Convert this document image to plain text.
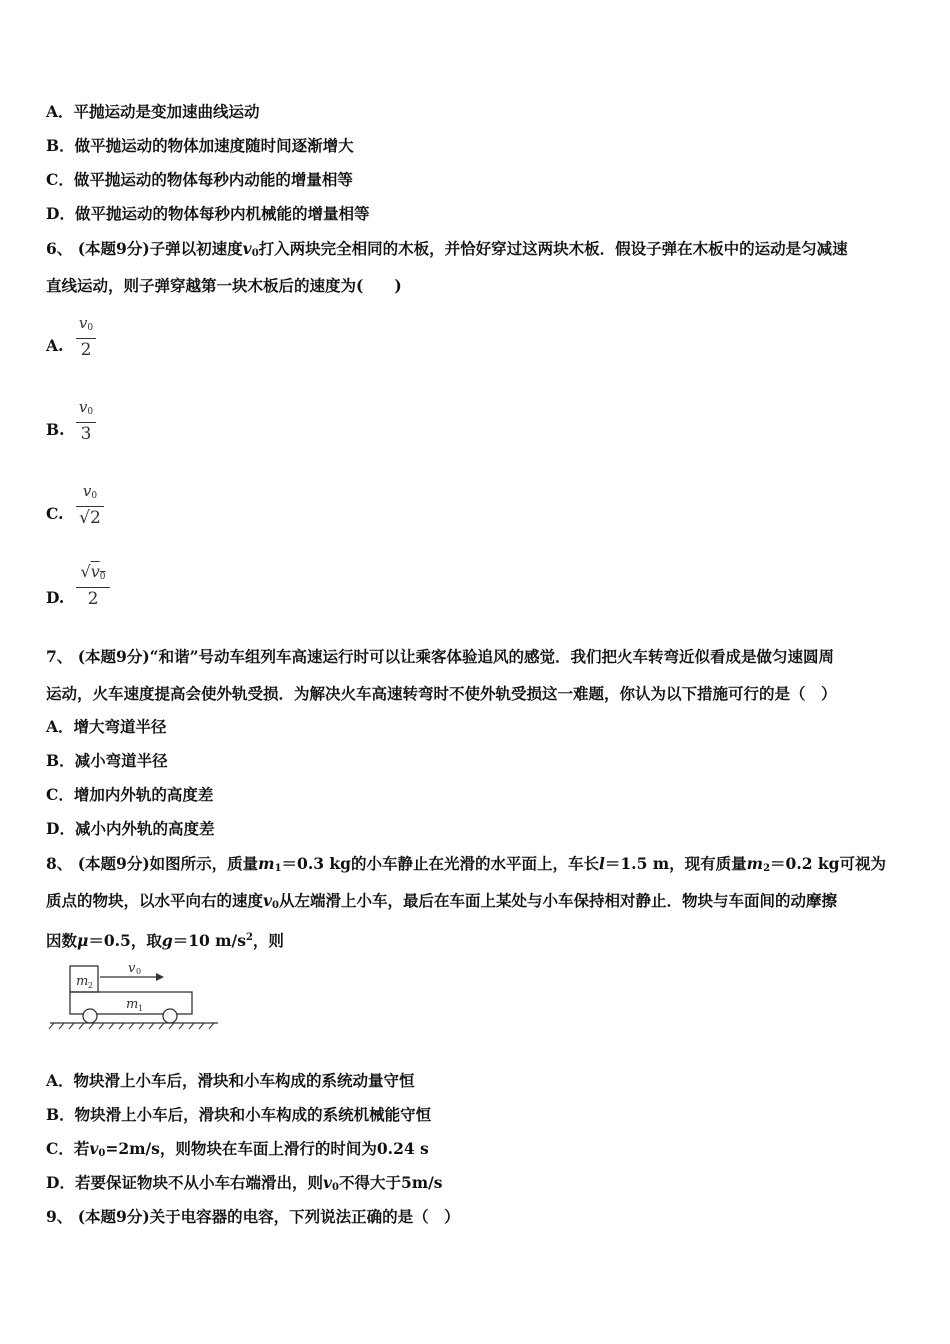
A．平抛运动是变加速曲线运动
B．做平抛运动的物体加速度随时间逐渐增大
C．做平抛运动的物体每秒内动能的增量相等
D．做平抛运动的物体每秒内机械能的增量相等
6、 (本题9分)子弹以初速度$v_0$打入两块完全相同的木板，并恰好穿过这两块木板．假设子弹在木板中的运动是匀减速
直线运动，则子弹穿越第一块木板后的速度为(　　)
A.
$v_0$
2
B.
$v_0$
3
C.
$v_0$
√2
D.
$√v_0$
2
7、 (本题9分)“和谐”号动车组列车高速运行时可以让乘客体验追风的感觉．我们把火车转弯近似看成是做匀速圆周
运动，火车速度提高会使外轨受损．为解决火车高速转弯时不使外轨受损这一难题，你认为以下措施可行的是（　）
A．增大弯道半径
B．减小弯道半径
C．增加内外轨的高度差
D．减小内外轨的高度差
8、 (本题9分)如图所示，质量$m_1=0.3$ kg的小车静止在光滑的水平面上，车长l＝1.5 m，现有质量$m_2=0.2$ kg可视为
质点的物块，以水平向右的速度$v_0$从左端滑上小车，最后在车面上某处与小车保持相对静止．物块与车面间的动摩擦
因数μ＝0.5，取g＝10 $m/s^2$，则
m 2
m 1
v 0
A．物块滑上小车后，滑块和小车构成的系统动量守恒
B．物块滑上小车后，滑块和小车构成的系统机械能守恒
C．若$v_0=2m/s$，则物块在车面上滑行的时间为0.24 s
D．若要保证物块不从小车右端滑出，则$v_0$不得大于5m/s
9、 (本题9分)关于电容器的电容，下列说法正确的是（　）
